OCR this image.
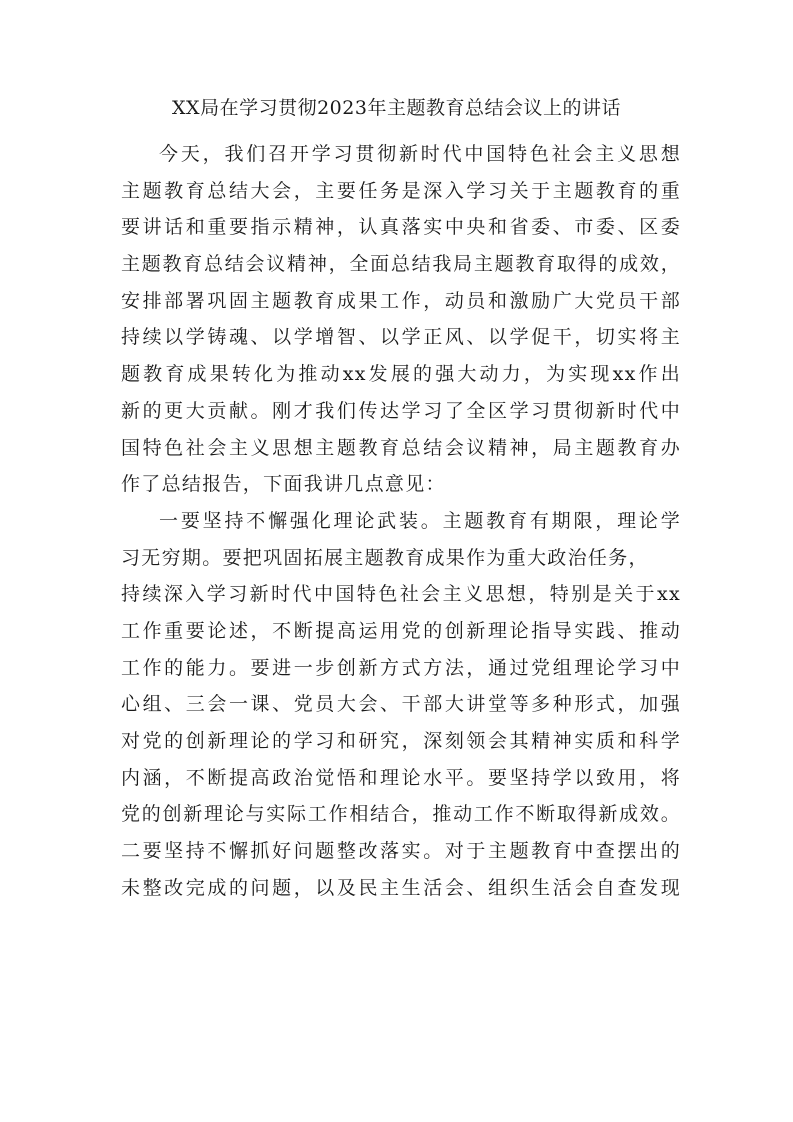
XX局在学习贯彻2023年主题教育总结会议上的讲话
今天，我们召开学习贯彻新时代中国特色社会主义思想
主题教育总结大会，主要任务是深入学习关于主题教育的重
要讲话和重要指示精神，认真落实中央和省委、市委、区委
主题教育总结会议精神，全面总结我局主题教育取得的成效，
安排部署巩固主题教育成果工作，动员和激励广大党员干部
持续以学铸魂、以学增智、以学正风、以学促干，切实将主
题教育成果转化为推动xx发展的强大动力，为实现xx作出
新的更大贡献。刚才我们传达学习了全区学习贯彻新时代中
国特色社会主义思想主题教育总结会议精神，局主题教育办
作了总结报告，下面我讲几点意见：
一要坚持不懈强化理论武装。主题教育有期限，理论学
习无穷期。要把巩固拓展主题教育成果作为重大政治任务，
持续深入学习新时代中国特色社会主义思想，特别是关于xx
工作重要论述，不断提高运用党的创新理论指导实践、推动
工作的能力。要进一步创新方式方法，通过党组理论学习中
心组、三会一课、党员大会、干部大讲堂等多种形式，加强
对党的创新理论的学习和研究，深刻领会其精神实质和科学
内涵，不断提高政治觉悟和理论水平。要坚持学以致用，将
党的创新理论与实际工作相结合，推动工作不断取得新成效。
二要坚持不懈抓好问题整改落实。对于主题教育中查摆出的
未整改完成的问题，以及民主生活会、组织生活会自查发现
